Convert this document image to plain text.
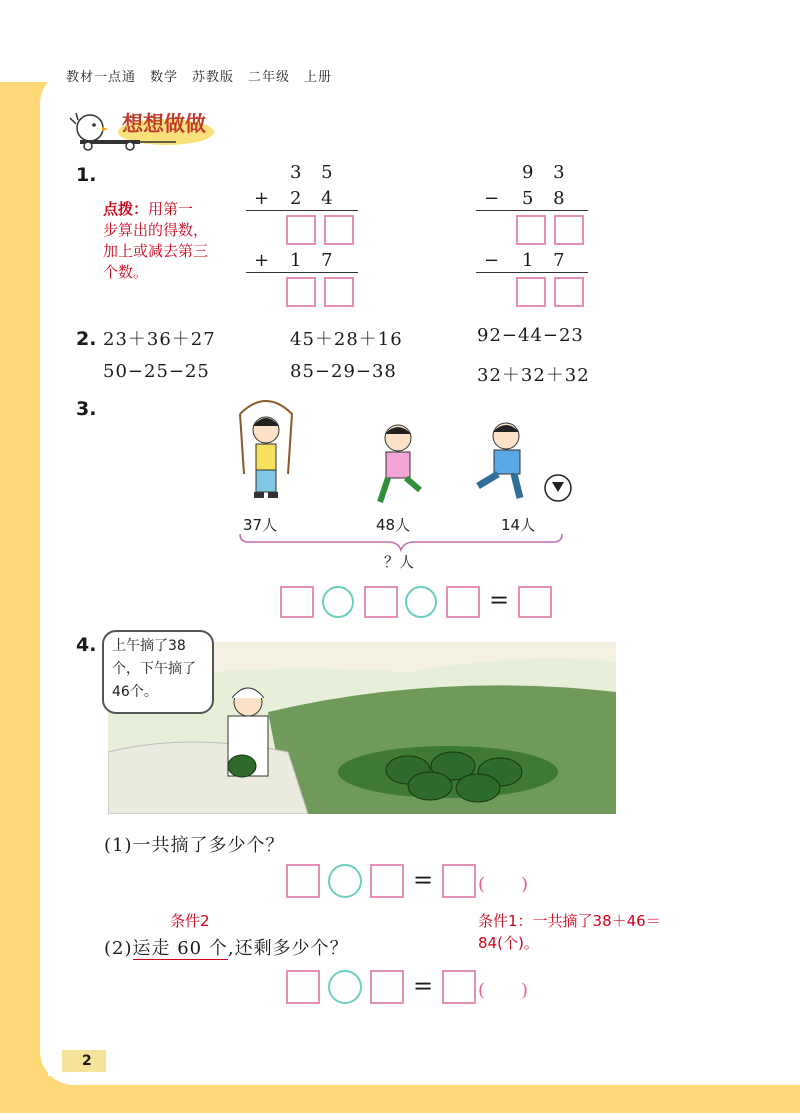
教材一点通　数学　苏教版　二年级　上册
想想做做
1.
点拨：用第一步算出的得数，加上或减去第三个数。
3 5
+ 2 4
+ 1 7
9 3
− 5 8
− 1 7
2. 23＋36＋27	45＋28＋16	92−44−23
50−25−25	85−29−38	32＋32＋32
3.
37人	48人	14人
？人
=
4.	上午摘了38个，下午摘了46个。
(1)一共摘了多少个？
= (　　)
条件2	条件1：一共摘了38＋46＝84(个)。
(2)运走 60 个,还剩多少个？
= (　　)
2
